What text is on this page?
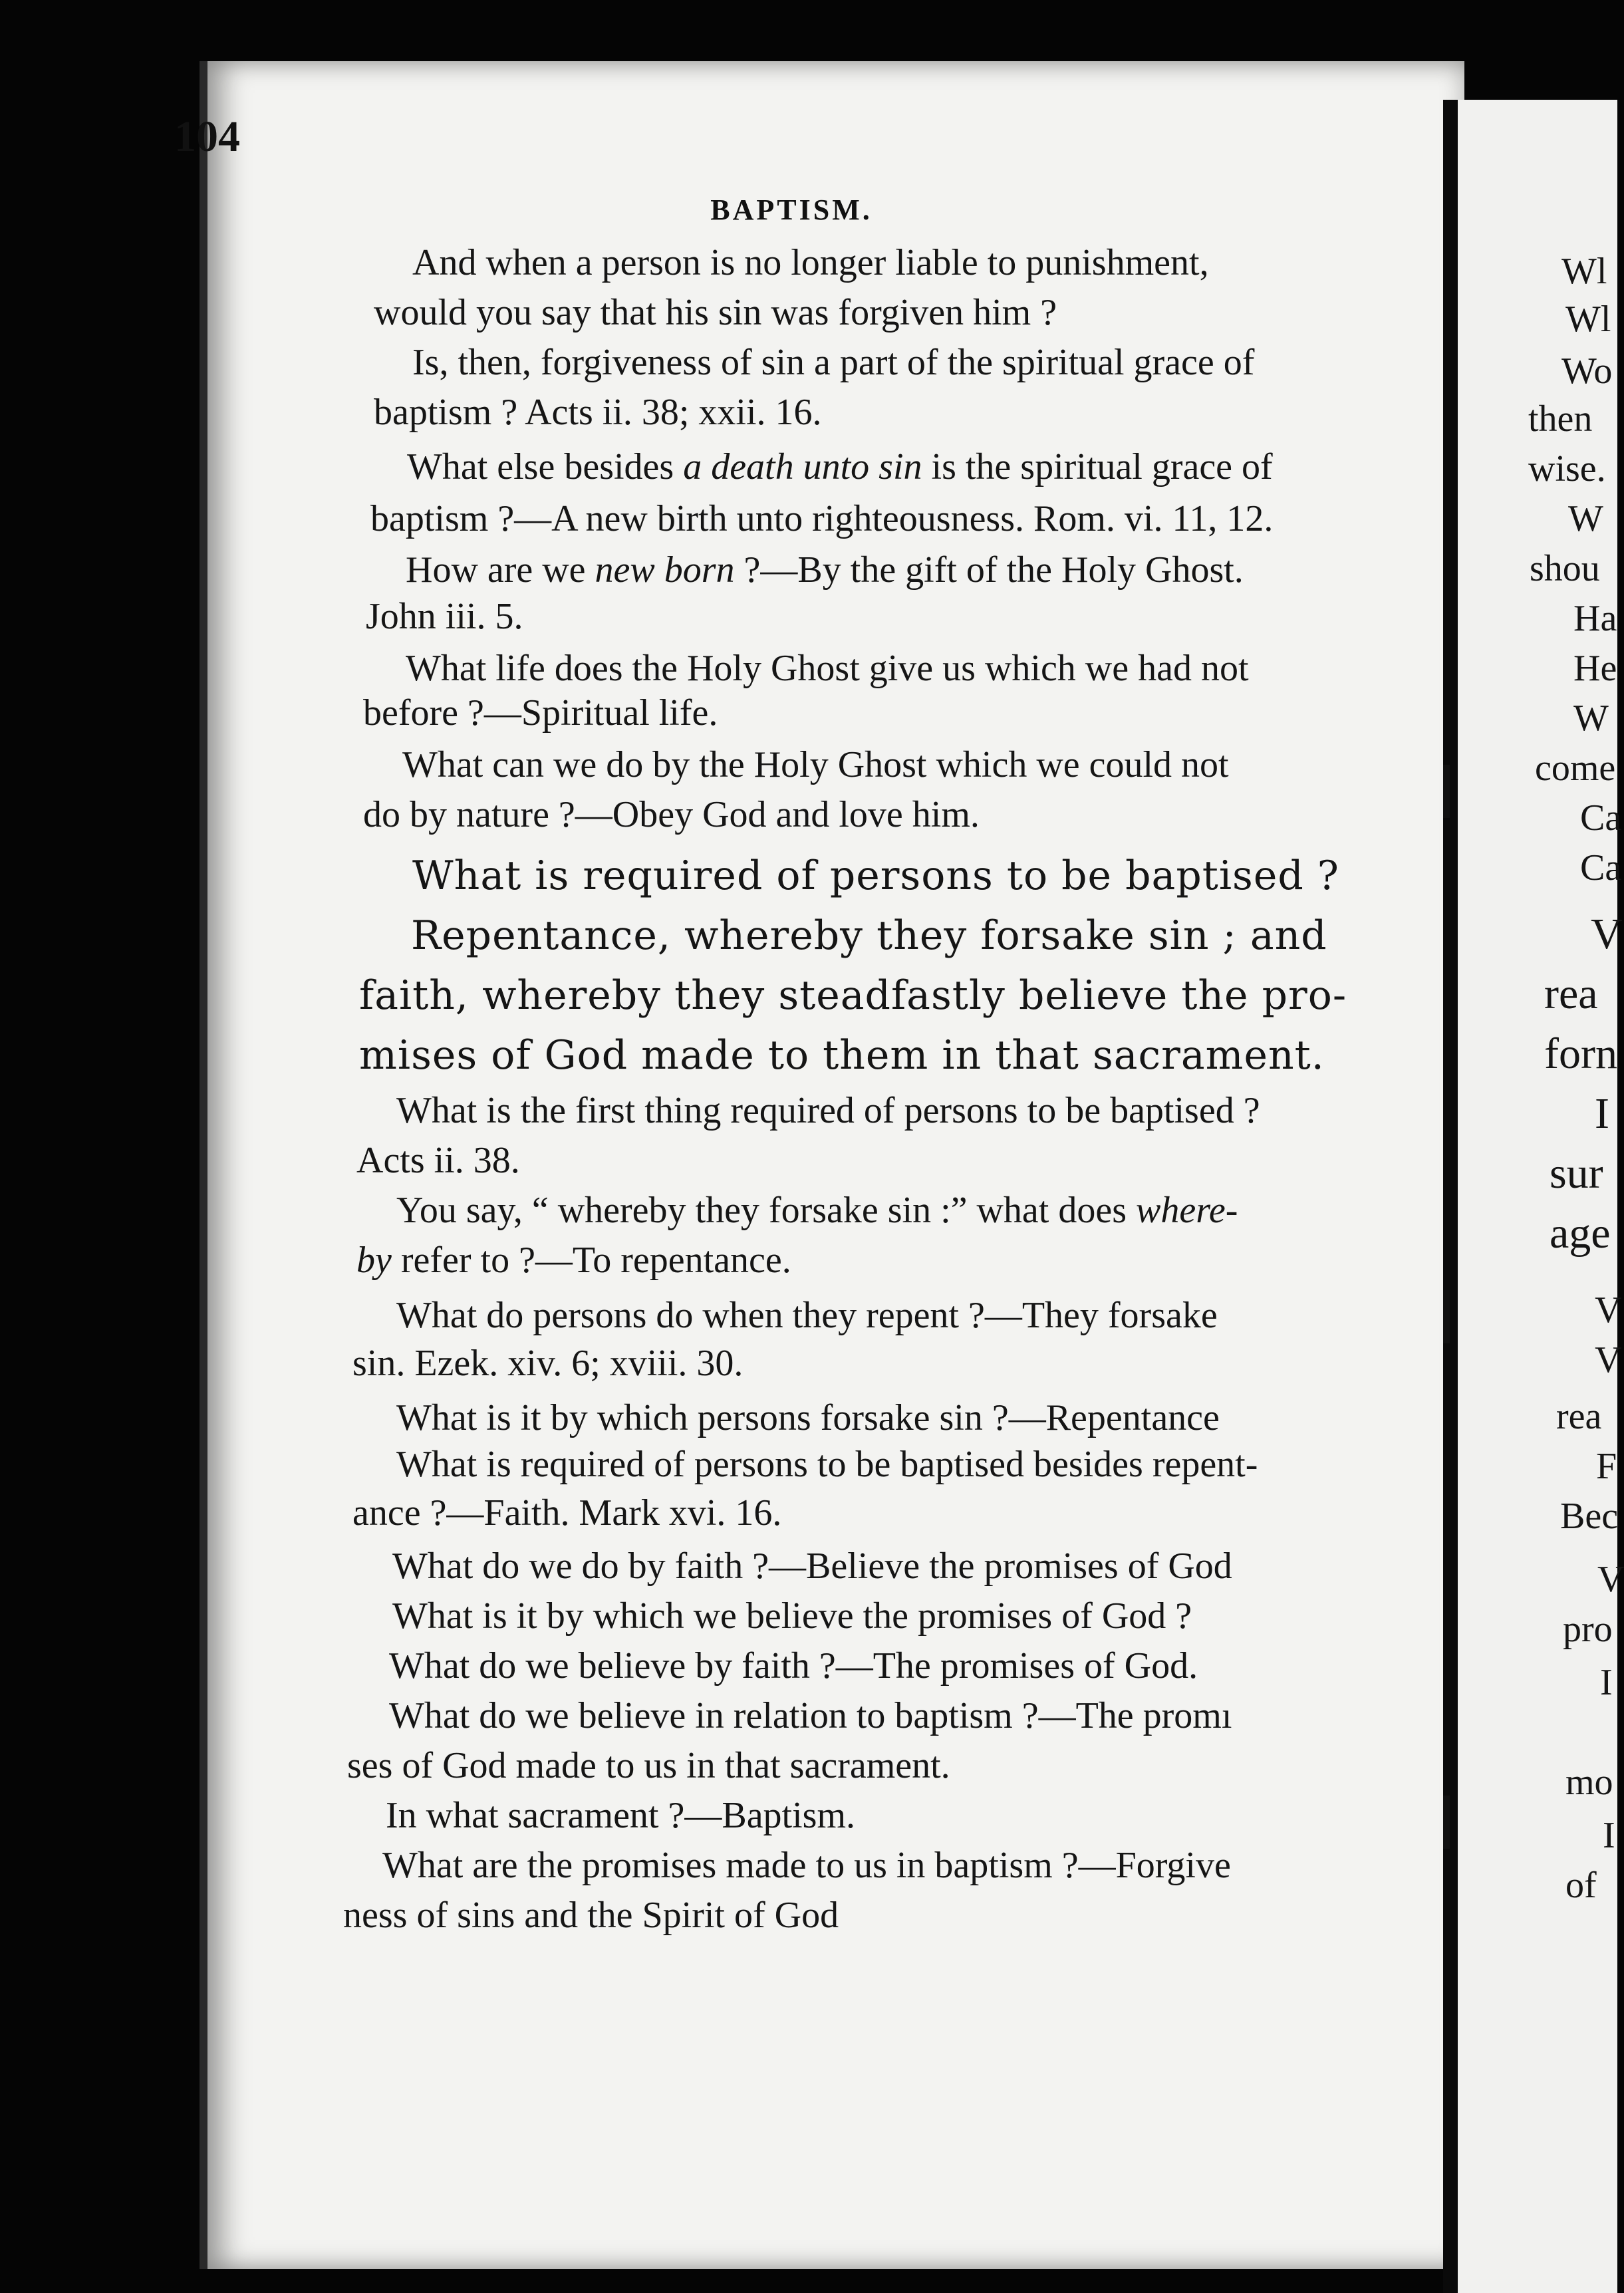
104
BAPTISM.
And when a person is no longer liable to punishment,
would you say that his sin was forgiven him ?
Is, then, forgiveness of sin a part of the spiritual grace of
baptism ? Acts ii. 38; xxii. 16.
What else besides a death unto sin is the spiritual grace of
baptism ?—A new birth unto righteousness. Rom. vi. 11, 12.
How are we new born ?—By the gift of the Holy Ghost.
John iii. 5.
What life does the Holy Ghost give us which we had not
before ?—Spiritual life.
What can we do by the Holy Ghost which we could not
do by nature ?—Obey God and love him.
What is required of persons to be baptised ?
Repentance, whereby they forsake sin ; and
faith, whereby they steadfastly believe the pro-
mises of God made to them in that sacrament.
What is the first thing required of persons to be baptised ?
Acts ii. 38.
You say, “ whereby they forsake sin :” what does where-
by refer to ?—To repentance.
What do persons do when they repent ?—They forsake
sin. Ezek. xiv. 6; xviii. 30.
What is it by which persons forsake sin ?—Repentance
What is required of persons to be baptised besides repent-
ance ?—Faith. Mark xvi. 16.
What do we do by faith ?—Believe the promises of God
What is it by which we believe the promises of God ?
What do we believe by faith ?—The promises of God.
What do we believe in relation to baptism ?—The promı
ses of God made to us in that sacrament.
In what sacrament ?—Baptism.
What are the promises made to us in baptism ?—Forgive
ness of sins and the Spirit of God
Wl
Wl
Wo
then
wise.
W
shou
Ha
He
W
come
Ca
Ca
V
rea
forn
I
sur
age
V
V
rea
F
Bec
V
pro
I
mo
I
of
